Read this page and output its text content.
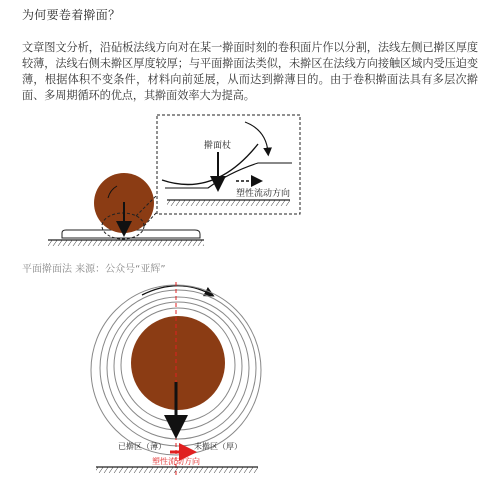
为何要卷着擀面？
文章图文分析，沿砧板法线方向对在某一擀面时刻的卷积面片作以分割，法线左侧已擀区厚度较薄，法线右侧未擀区厚度较厚；与平面擀面法类似，未擀区在法线方向接触区域内受压迫变薄，根据体积不变条件，材料向前延展，从而达到擀薄目的。由于卷积擀面法具有多层次擀面、多周期循环的优点，其擀面效率大为提高。
平面擀面法 来源：公众号“亚辉”
擀面杖
塑性流动方向
已擀区（薄）	未擀区（厚）
塑性流动方向
